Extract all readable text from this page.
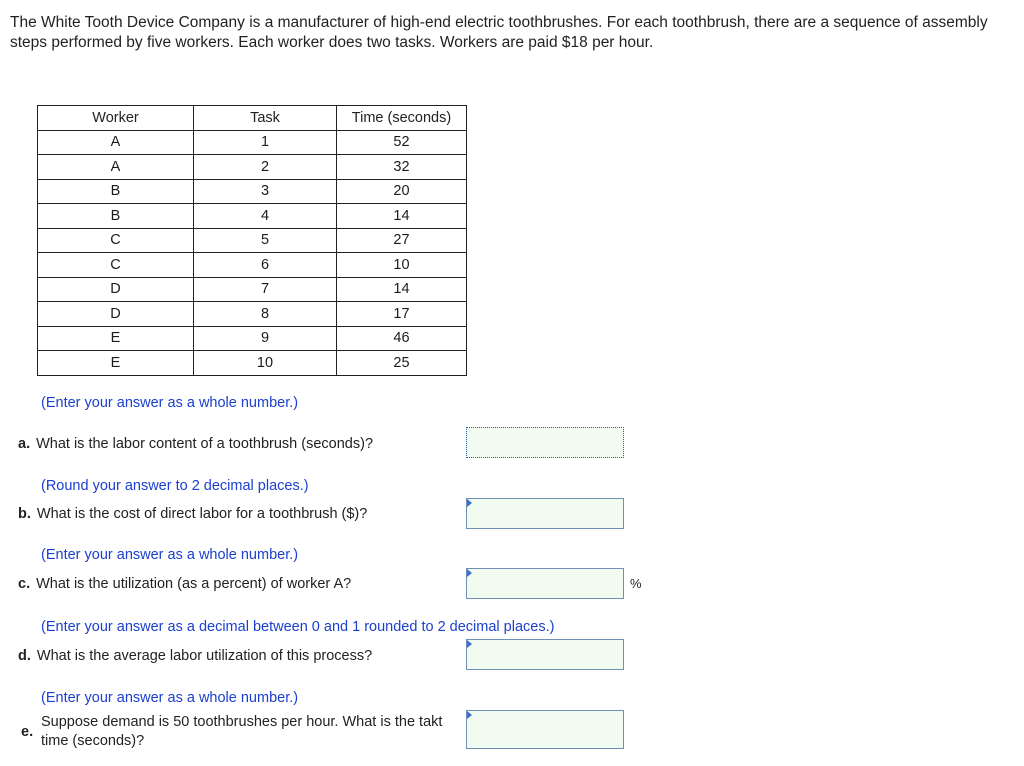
The White Tooth Device Company is a manufacturer of high-end electric toothbrushes. For each toothbrush, there are a sequence of assembly steps performed by five workers. Each worker does two tasks. Workers are paid $18 per hour.
Worker	Task	Time (seconds)
A	1	52
A	2	32
B	3	20
B	4	14
C	5	27
C	6	10
D	7	14
D	8	17
E	9	46
E	10	25
(Enter your answer as a whole number.)
a. What is the labor content of a toothbrush (seconds)?
(Round your answer to 2 decimal places.)
b. What is the cost of direct labor for a toothbrush ($)?
(Enter your answer as a whole number.)
c. What is the utilization (as a percent) of worker A?	%
(Enter your answer as a decimal between 0 and 1 rounded to 2 decimal places.)
d. What is the average labor utilization of this process?
(Enter your answer as a whole number.)
e.
Suppose demand is 50 toothbrushes per hour. What is the takt time (seconds)?
